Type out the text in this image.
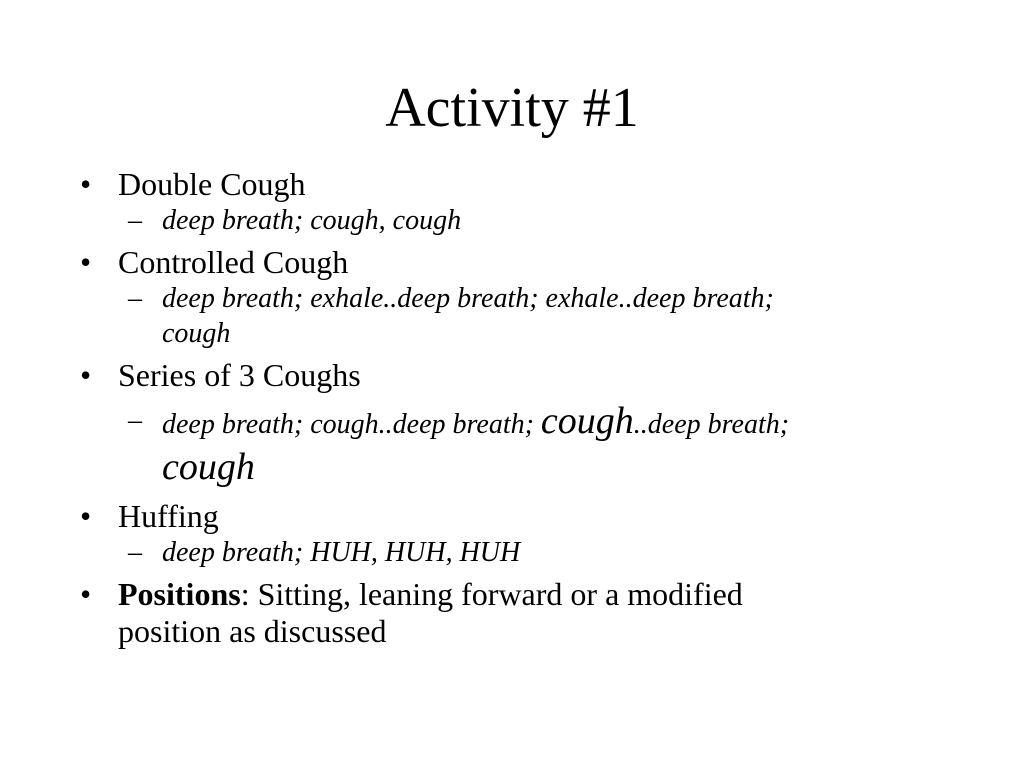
Activity #1
• Double Cough
– deep breath; cough, cough
• Controlled Cough
– deep breath; exhale..deep breath; exhale..deep breath;
cough
• Series of 3 Coughs
– deep breath; cough..deep breath; cough..deep breath;
cough
• Huffing
– deep breath; HUH, HUH, HUH
• Positions: Sitting, leaning forward or a modified
position as discussed
